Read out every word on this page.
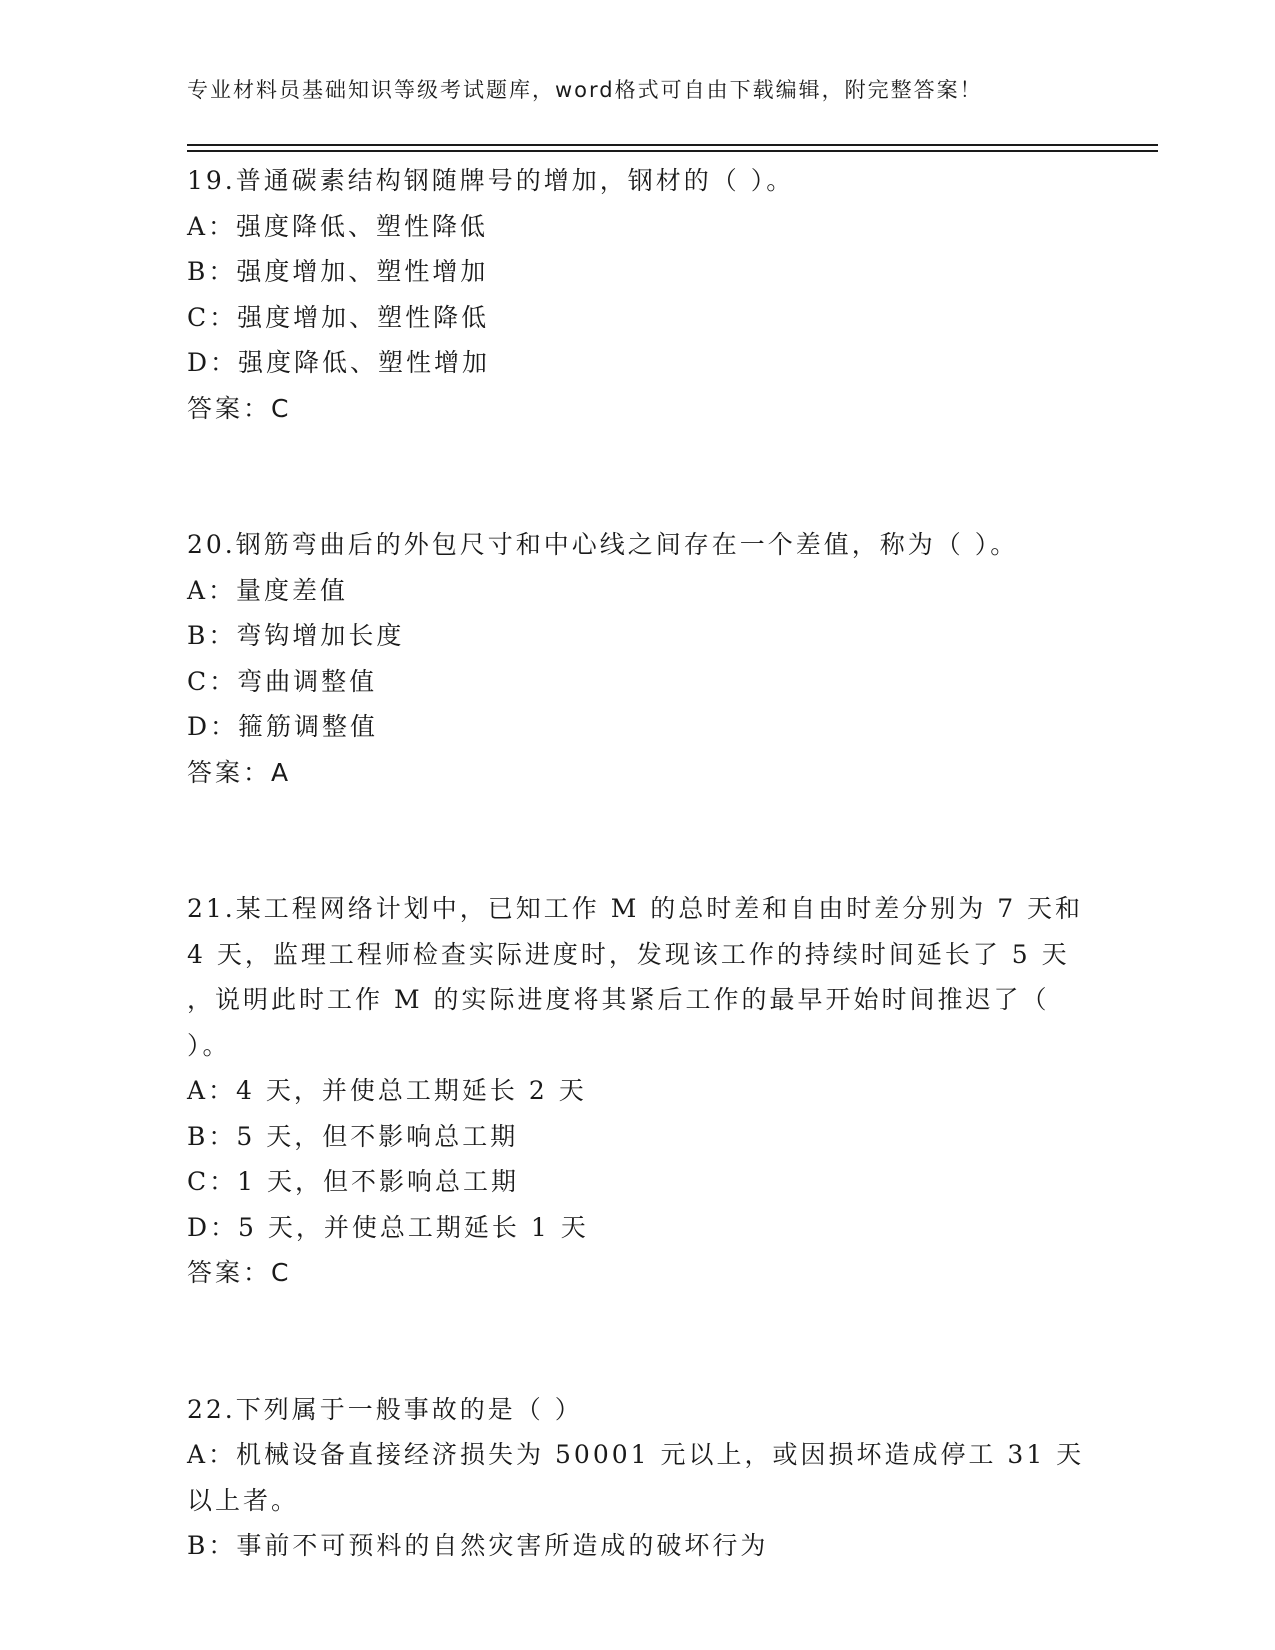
专业材料员基础知识等级考试题库，word格式可自由下载编辑，附完整答案！
19.普通碳素结构钢随牌号的增加，钢材的（ ）。
A：强度降低、塑性降低
B：强度增加、塑性增加
C：强度增加、塑性降低
D：强度降低、塑性增加
答案：C
20.钢筋弯曲后的外包尺寸和中心线之间存在一个差值，称为（ ）。
A：量度差值
B：弯钩增加长度
C：弯曲调整值
D：箍筋调整值
答案：A
21.某工程网络计划中，已知工作 M 的总时差和自由时差分别为 7 天和
4 天，监理工程师检查实际进度时，发现该工作的持续时间延长了 5 天
，说明此时工作 M 的实际进度将其紧后工作的最早开始时间推迟了（
）。
A：4 天，并使总工期延长 2 天
B：5 天，但不影响总工期
C：1 天，但不影响总工期
D：5 天，并使总工期延长 1 天
答案：C
22.下列属于一般事故的是（ ）
A：机械设备直接经济损失为 50001 元以上，或因损坏造成停工 31 天
以上者。
B：事前不可预料的自然灾害所造成的破坏行为
